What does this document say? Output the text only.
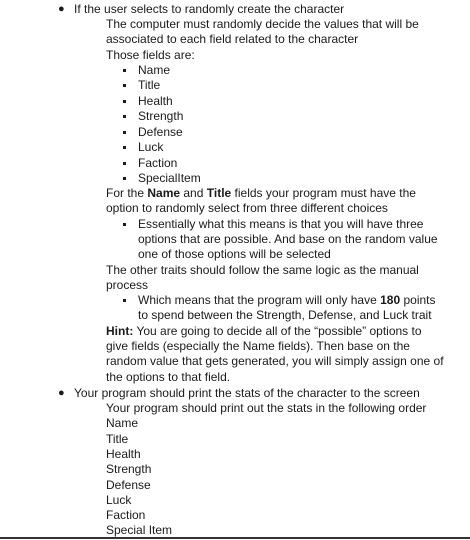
● If the user selects to randomly create the character
The computer must randomly decide the values that will be
associated to each field related to the character
Those fields are:
Name
Title
Health
Strength
Defense
Luck
Faction
SpecialItem
For the Name and Title fields your program must have the
option to randomly select from three different choices
Essentially what this means is that you will have three
options that are possible. And base on the random value
one of those options will be selected
The other traits should follow the same logic as the manual
process
Which means that the program will only have 180 points
to spend between the Strength, Defense, and Luck trait
Hint: You are going to decide all of the “possible” options to
give fields (especially the Name fields). Then base on the
random value that gets generated, you will simply assign one of
the options to that field.
● Your program should print the stats of the character to the screen
Your program should print out the stats in the following order
Name
Title
Health
Strength
Defense
Luck
Faction
Special Item
